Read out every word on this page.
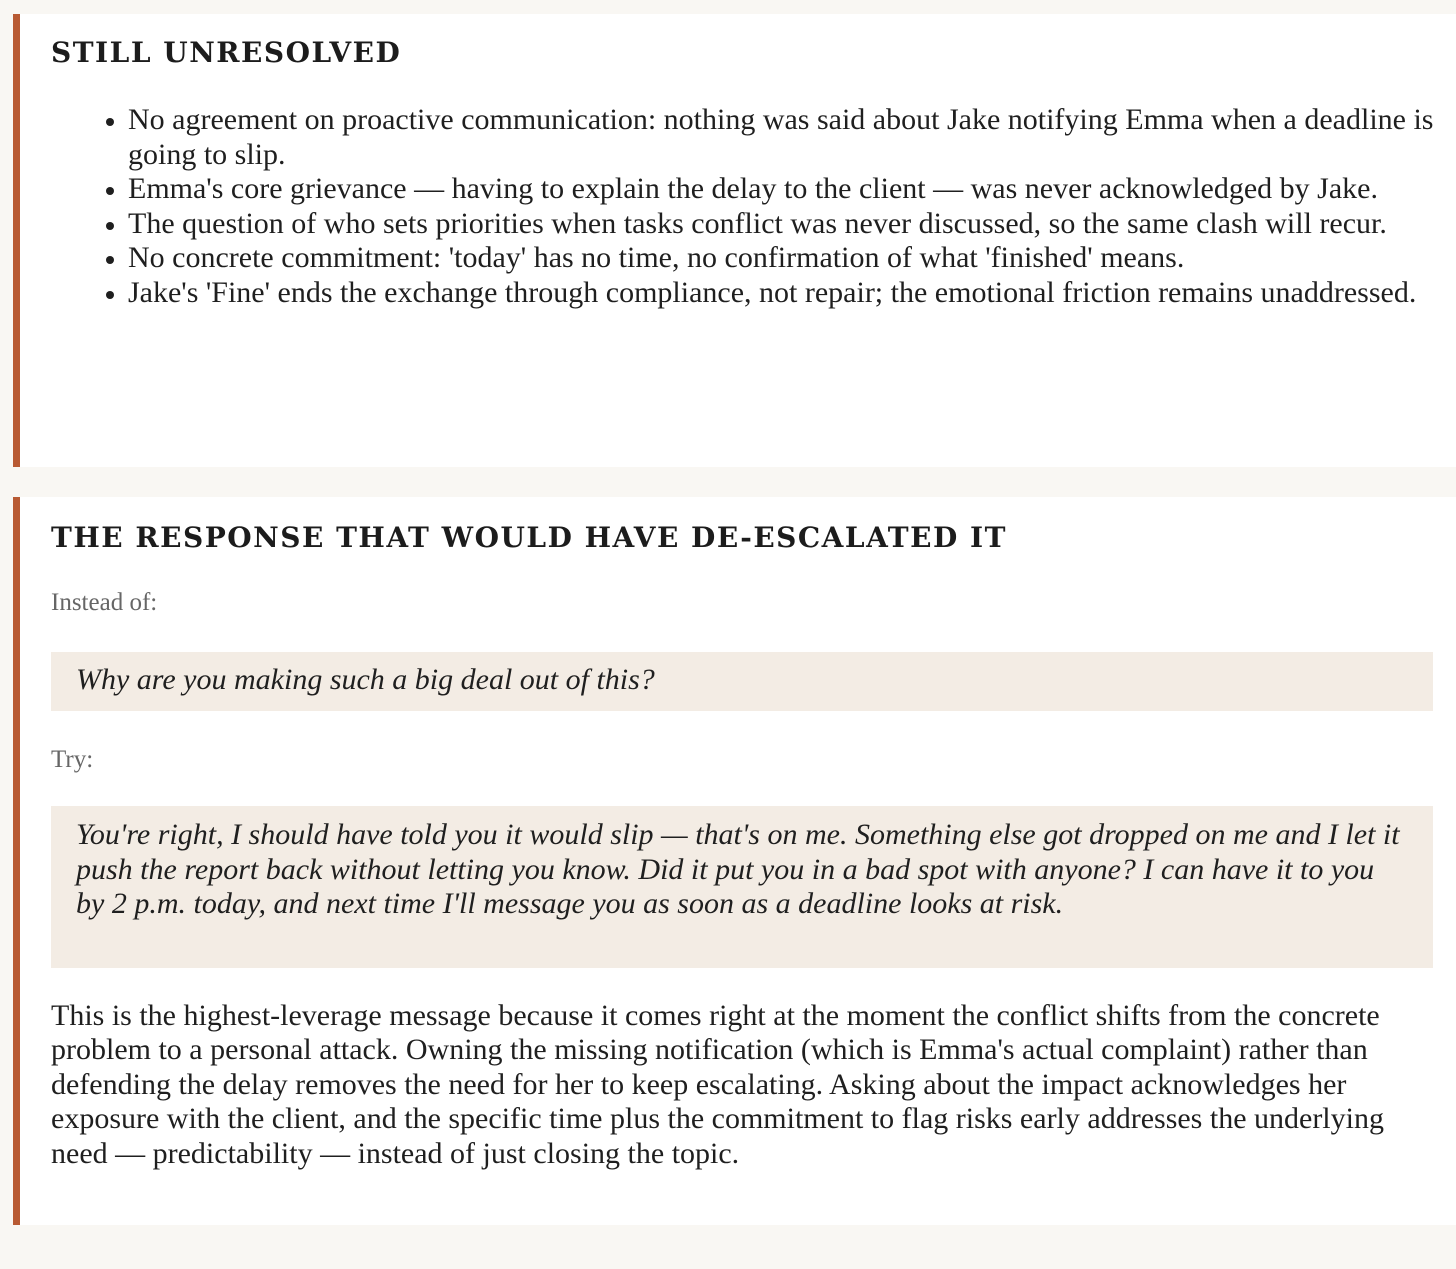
STILL UNRESOLVED
No agreement on proactive communication: nothing was said about Jake notifying Emma when a deadline is going to slip.
Emma's core grievance — having to explain the delay to the client — was never acknowledged by Jake.
The question of who sets priorities when tasks conflict was never discussed, so the same clash will recur.
No concrete commitment: 'today' has no time, no confirmation of what 'finished' means.
Jake's 'Fine' ends the exchange through compliance, not repair; the emotional friction remains unaddressed.
THE RESPONSE THAT WOULD HAVE DE-ESCALATED IT

Instead of:

Why are you making such a big deal out of this?

Try:

You're right, I should have told you it would slip — that's on me. Something else got dropped on me and I let it push the report back without letting you know. Did it put you in a bad spot with anyone? I can have it to you by 2 p.m. today, and next time I'll message you as soon as a deadline looks at risk.

This is the highest-leverage message because it comes right at the moment the conflict shifts from the concrete problem to a personal attack. Owning the missing notification (which is Emma's actual complaint) rather than defending the delay removes the need for her to keep escalating. Asking about the impact acknowledges her exposure with the client, and the specific time plus the commitment to flag risks early addresses the underlying need — predictability — instead of just closing the topic.
